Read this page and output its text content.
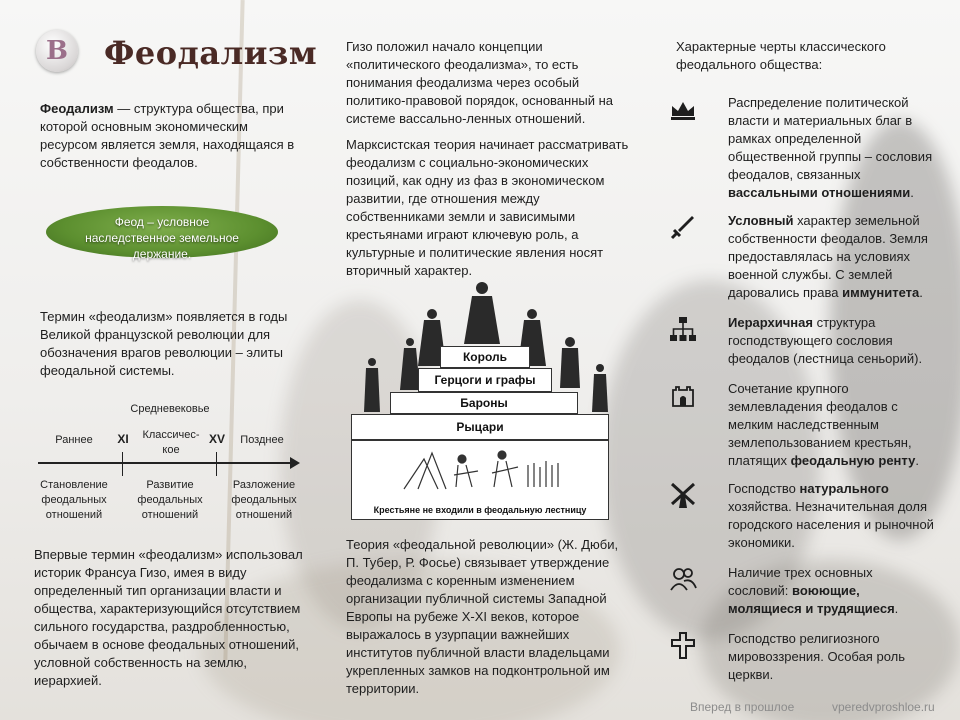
B Феодализм
Феодализм — структура общества, при которой основным экономическим ресурсом является земля, находящаяся в собственности феодалов.
Феод – условное наследственное земельное держание.
Термин «феодализм» появляется в годы Великой французской революции для обозначения врагов революции – элиты феодальной системы.
Средневековье
Раннее	XI	Классичес-кое
XV	Позднее
Становление феодальных отношений
Развитие феодальных отношений
Разложение феодальных отношений
Впервые термин «феодализм» использовал историк Франсуа Гизо, имея в виду определенный тип организации власти и общества, характеризующийся отсутствием сильного государства, раздробленностью, обычаем в основе феодальных отношений, условной собственность на землю, иерархией.
Гизо положил начало концепции «политического феодализма», то есть понимания феодализма через особый политико-правовой порядок, основанный на системе вассально-ленных отношений.
Марксистская теория начинает рассматривать феодализм с социально-экономических позиций, как одну из фаз в экономическом развитии, где отношения между собственниками земли и зависимыми крестьянами играют ключевую роль, а культурные и политические явления носят вторичный характер.
Король
Герцоги и графы
Бароны
Рыцари
Крестьяне не входили в феодальную лестницу
Теория «феодальной революции» (Ж. Дюби, П. Тубер, Р. Фосье) связывает утверждение феодализма с коренным изменением организации публичной системы Западной Европы на рубеже X-XI веков, которое выражалось в узурпации важнейших институтов публичной власти владельцами укрепленных замков на подконтрольной им территории.
Характерные черты классического феодального общества:
Распределение политической власти и материальных благ в рамках определенной общественной группы – сословия феодалов, связанных вассальными отношениями.
Условный характер земельной собственности феодалов. Земля предоставлялась на условиях военной службы. С землей даровались права иммунитета.
Иерархичная структура господствующего сословия феодалов (лестница сеньорий).
Сочетание крупного землевладения феодалов с мелким наследственным землепользованием крестьян, платящих феодальную ренту.
Господство натурального хозяйства. Незначительная доля городского населения и рыночной экономики.
Наличие трех основных сословий: воюющие, молящиеся и трудящиеся.
Господство религиозного мировоззрения. Особая роль церкви.
Вперед в прошлое	vperedvproshloe.ru
